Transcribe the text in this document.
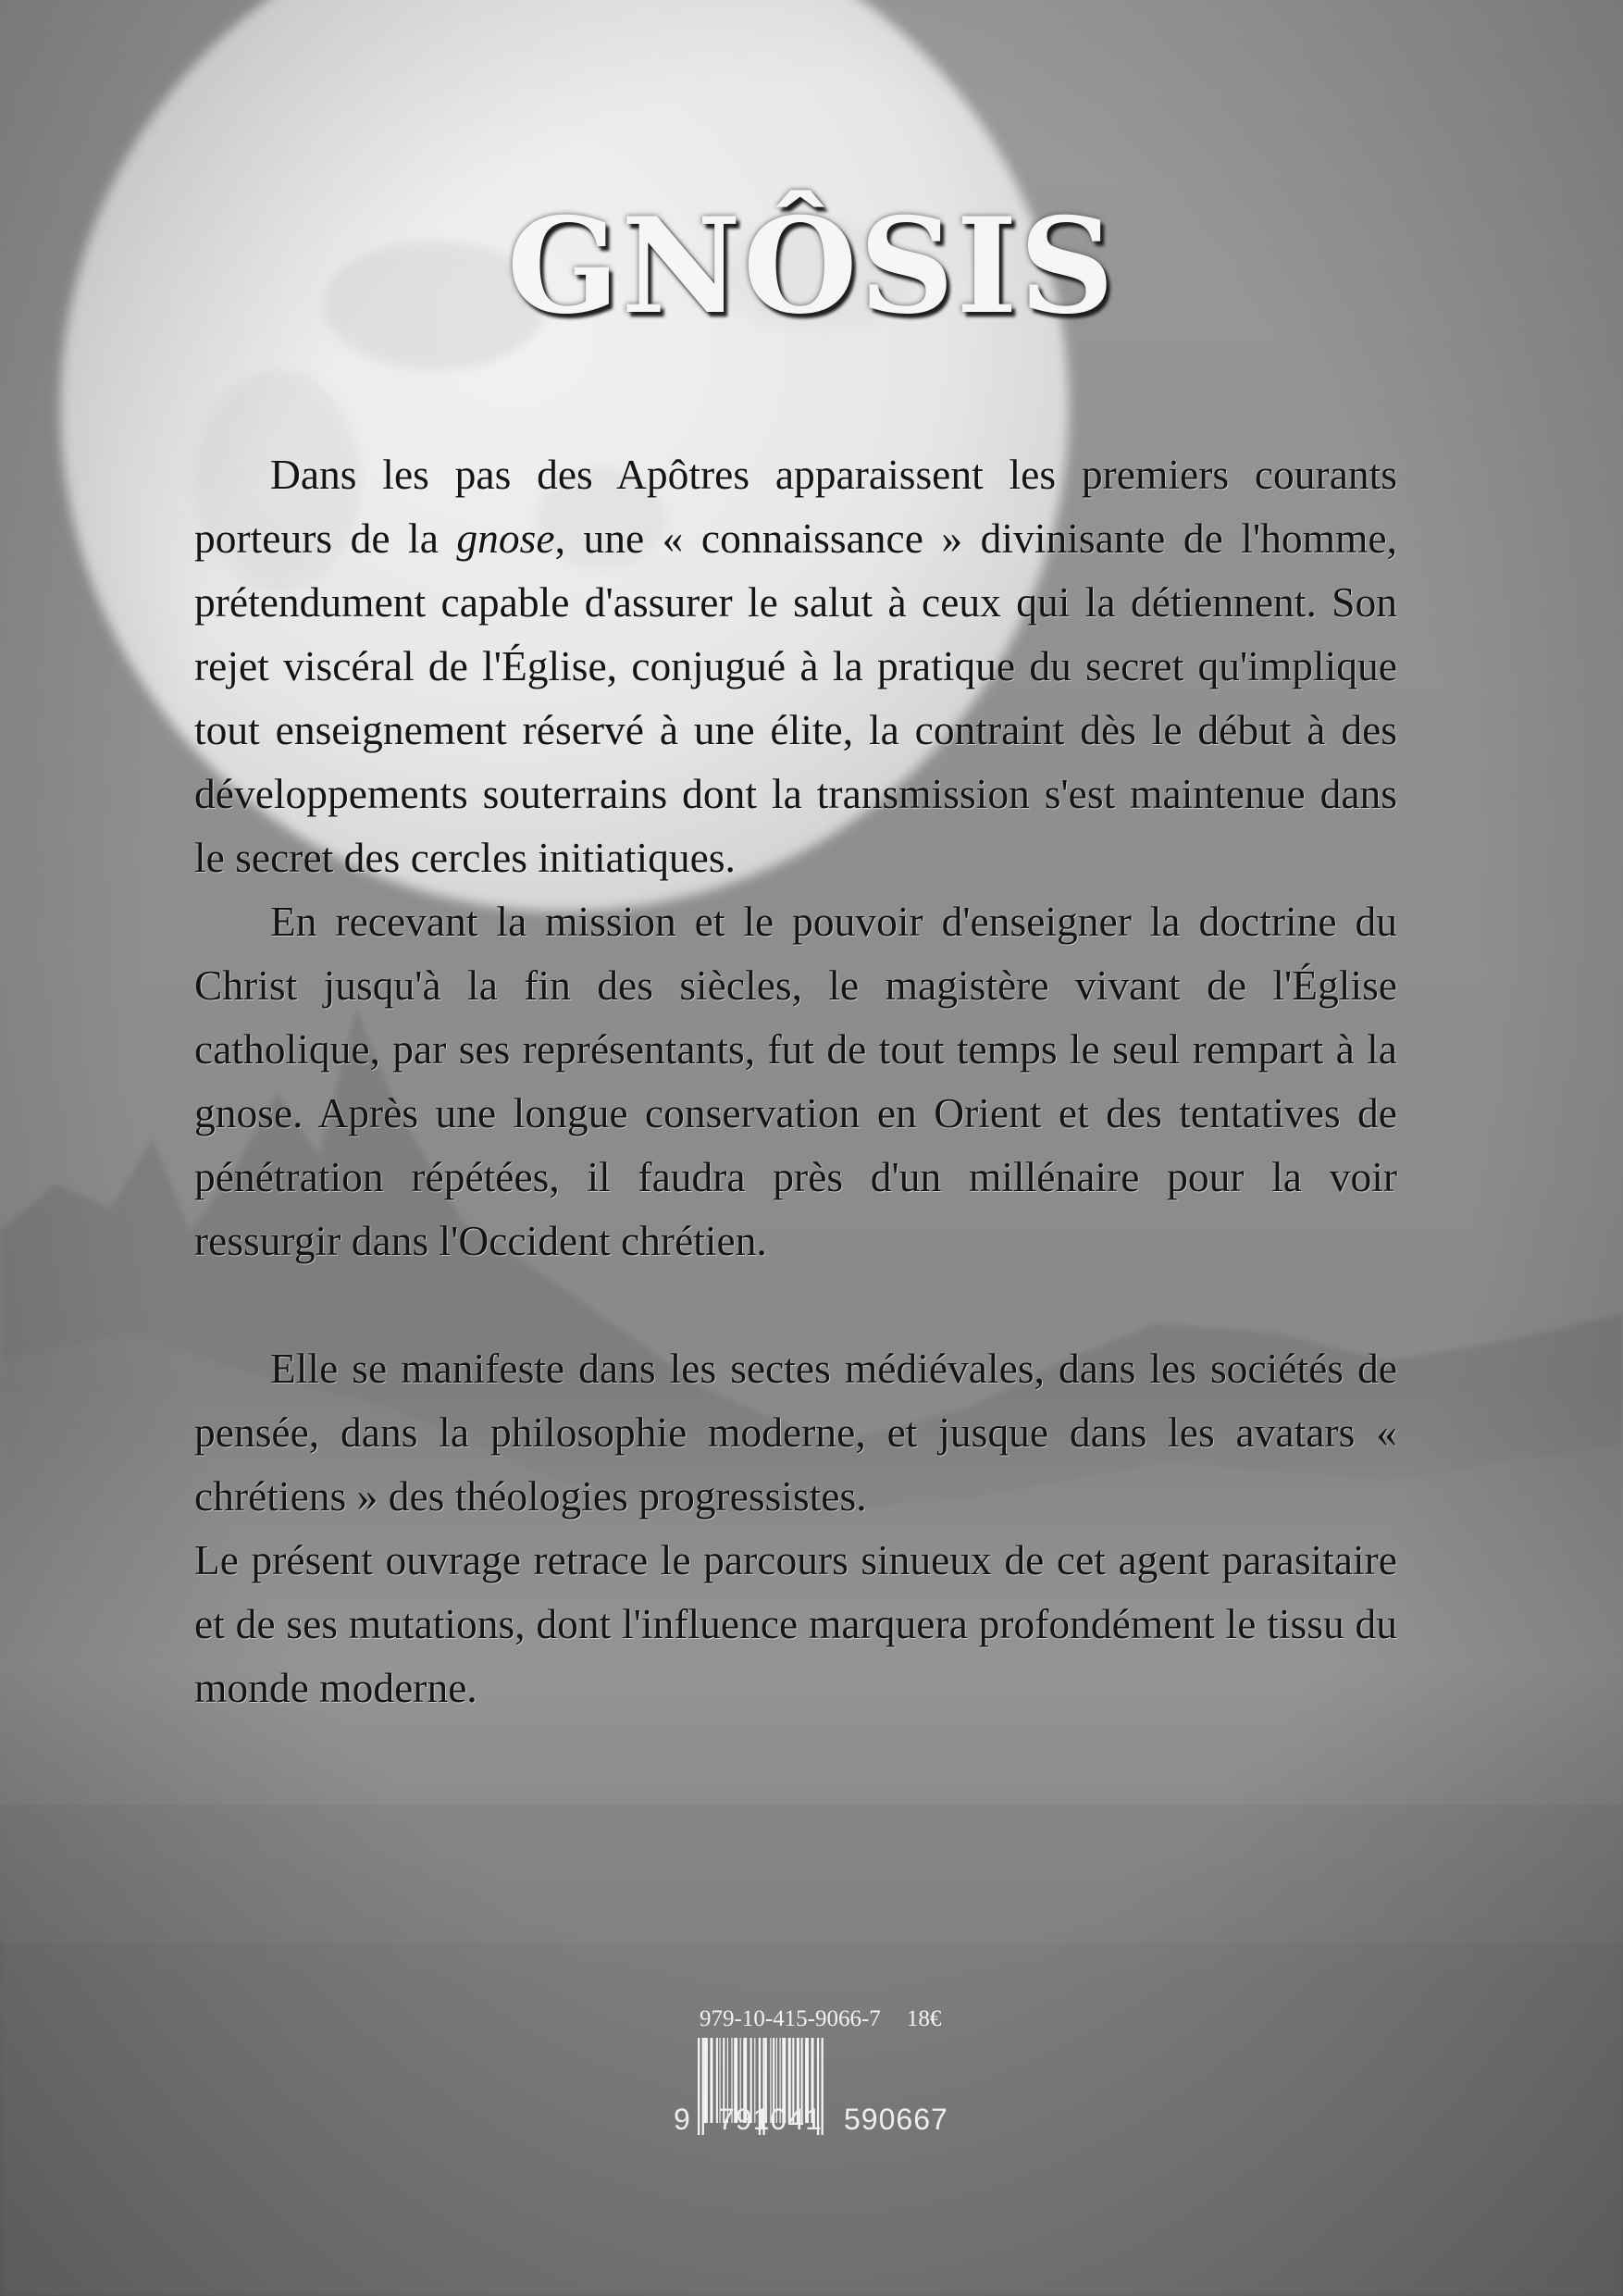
GNÔSIS

Dans les pas des Apôtres apparaissent les premiers courants porteurs de la gnose, une « connaissance » divinisante de l'homme, prétendument capable d'assurer le salut à ceux qui la détiennent. Son rejet viscéral de l'Église, conjugué à la pratique du secret qu'implique tout enseignement réservé à une élite, la contraint dès le début à des développements souterrains dont la transmission s'est maintenue dans le secret des cercles initiatiques.

En recevant la mission et le pouvoir d'enseigner la doctrine du Christ jusqu'à la fin des siècles, le magistère vivant de l'Église catholique, par ses représentants, fut de tout temps le seul rempart à la gnose. Après une longue conservation en Orient et des tentatives de pénétration répétées, il faudra près d'un millénaire pour la voir ressurgir dans l'Occident chrétien.

Elle se manifeste dans les sectes médiévales, dans les sociétés de pensée, dans la philosophie moderne, et jusque dans les avatars « chrétiens » des théologies progressistes.

Le présent ouvrage retrace le parcours sinueux de cet agent parasitaire et de ses mutations, dont l'influence marquera profondément le tissu du monde moderne.

979-10-415-9066-7 18€
9 791041 590667
